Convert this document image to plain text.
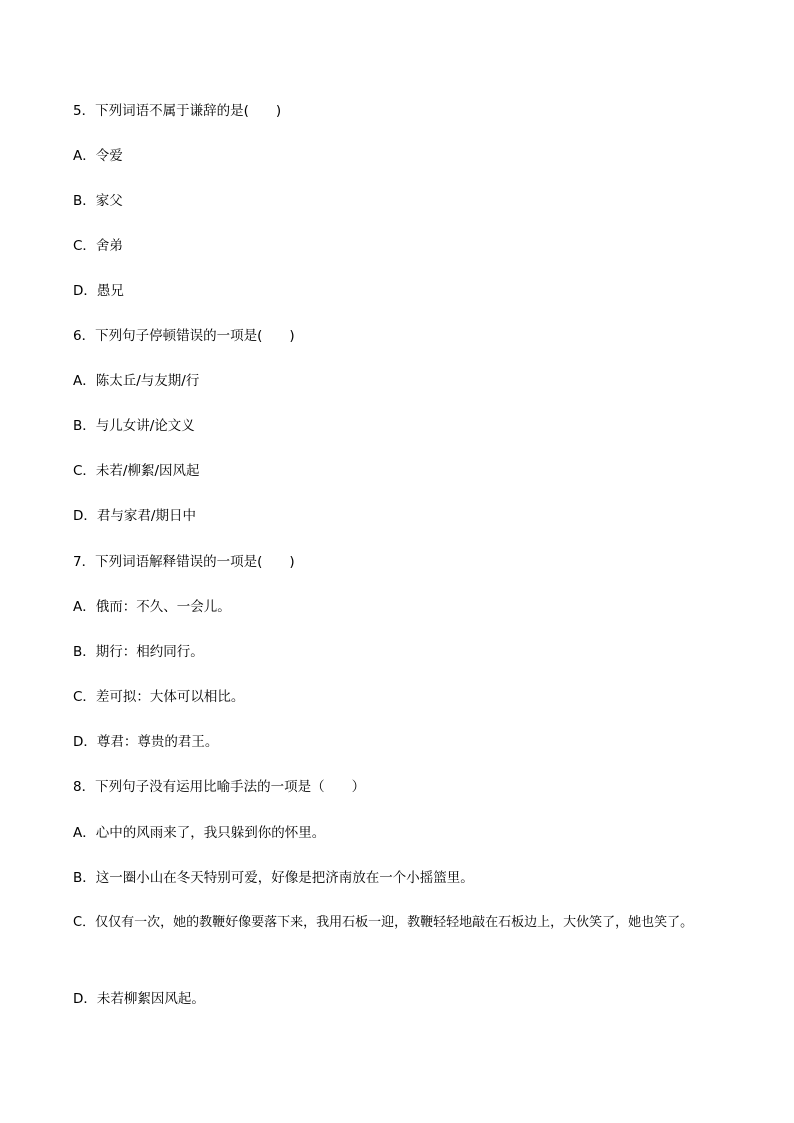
5．下列词语不属于谦辞的是(　　)
A．令爱
B．家父
C．舍弟
D．愚兄
6．下列句子停顿错误的一项是(　　)
A．陈太丘/与友期/行
B．与儿女讲/论文义
C．未若/柳絮/因风起
D．君与家君/期日中
7．下列词语解释错误的一项是(　　)
A．俄而：不久、一会儿。
B．期行：相约同行。
C．差可拟：大体可以相比。
D．尊君：尊贵的君王。
8．下列句子没有运用比喻手法的一项是（　　）
A．心中的风雨来了，我只躲到你的怀里。
B．这一圈小山在冬天特别可爱，好像是把济南放在一个小摇篮里。
C．仅仅有一次，她的教鞭好像要落下来，我用石板一迎，教鞭轻轻地敲在石板边上，大伙笑了，她也笑了。
D．未若柳絮因风起。
